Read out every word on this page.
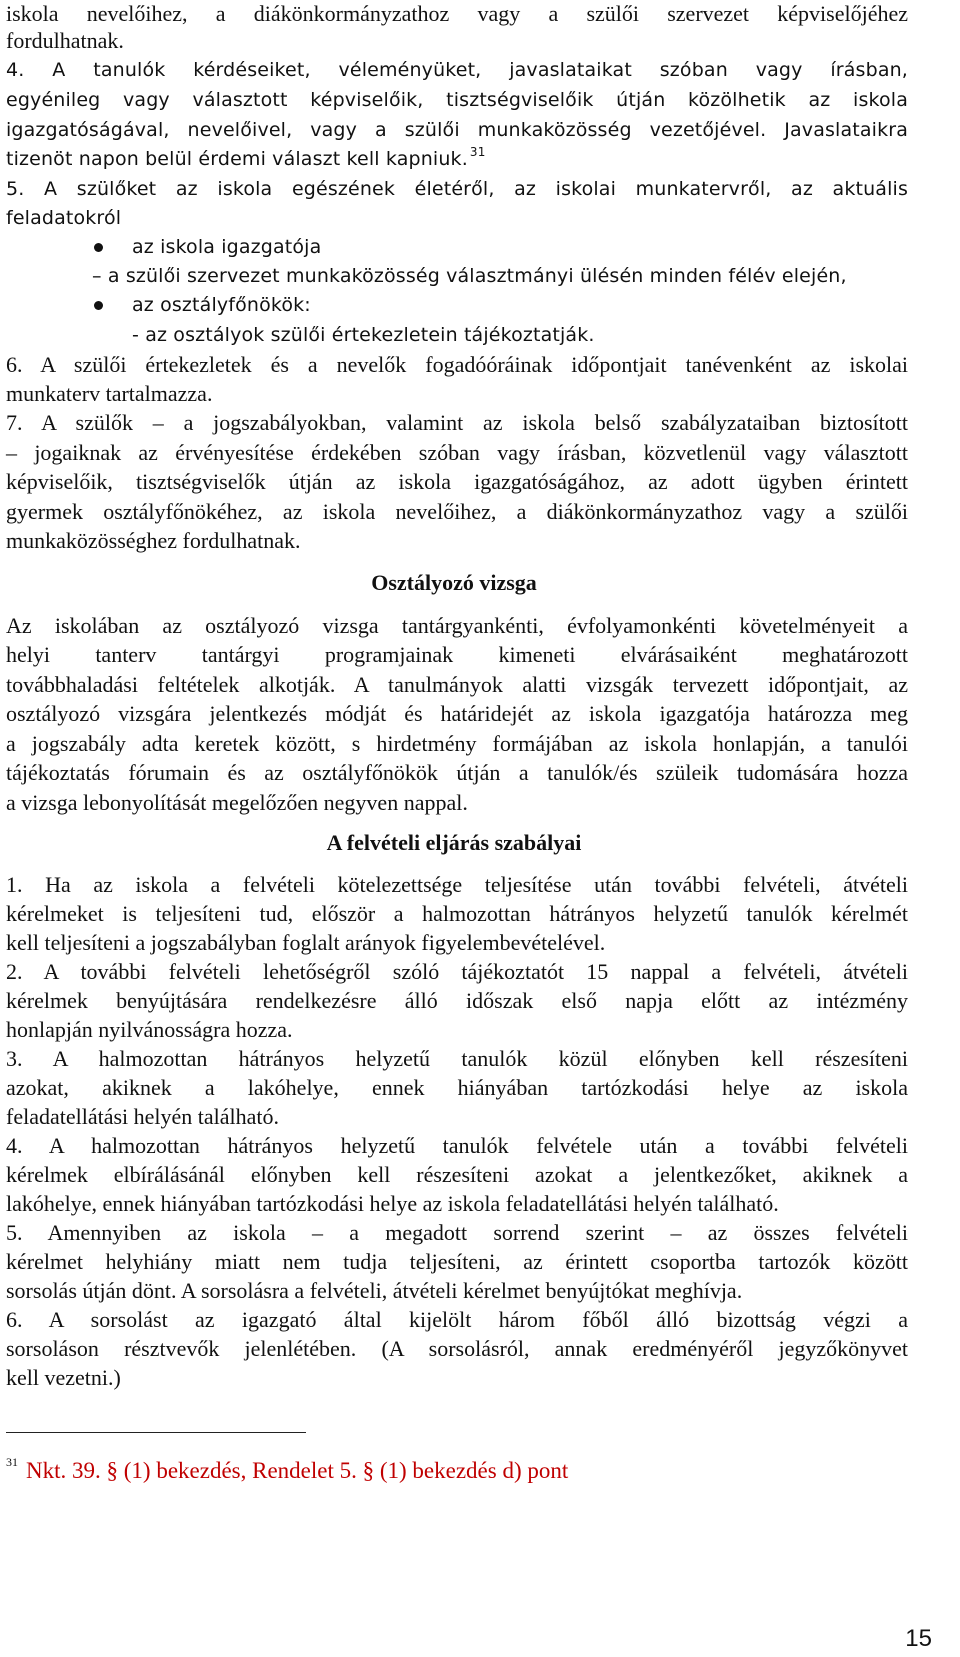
iskola nevelőihez, a diákönkormányzathoz vagy a szülői szervezet képviselőjéhez
fordulhatnak.
4. A tanulók kérdéseiket, véleményüket, javaslataikat szóban vagy írásban,
egyénileg vagy választott képviselőik, tisztségviselőik útján közölhetik az iskola
igazgatóságával, nevelőivel, vagy a szülői munkaközösség vezetőjével. Javaslataikra
tizenöt napon belül érdemi választ kell kapniuk. $^{31}$
5. A szülőket az iskola egészének életéről, az iskolai munkatervről, az aktuális
feladatokról
az iskola igazgatója
– a szülői szervezet munkaközösség választmányi ülésén minden félév elején,
az osztályfőnökök:
- az osztályok szülői értekezletein tájékoztatják.
6. A szülői értekezletek és a nevelők fogadóóráinak időpontjait tanévenként az iskolai
munkaterv tartalmazza.
7. A szülők – a jogszabályokban, valamint az iskola belső szabályzataiban biztosított
– jogaiknak az érvényesítése érdekében szóban vagy írásban, közvetlenül vagy választott
képviselőik, tisztségviselők útján az iskola igazgatóságához, az adott ügyben érintett
gyermek osztályfőnökéhez, az iskola nevelőihez, a diákönkormányzathoz vagy a szülői
munkaközösséghez fordulhatnak.
Osztályozó vizsga
Az iskolában az osztályozó vizsga tantárgyankénti, évfolyamonkénti követelményeit a
helyi tanterv tantárgyi programjainak kimeneti elvárásaiként meghatározott
továbbhaladási feltételek alkotják. A tanulmányok alatti vizsgák tervezett időpontjait, az
osztályozó vizsgára jelentkezés módját és határidejét az iskola igazgatója határozza meg
a jogszabály adta keretek között, s hirdetmény formájában az iskola honlapján, a tanulói
tájékoztatás fórumain és az osztályfőnökök útján a tanulók/és szüleik tudomására hozza
a vizsga lebonyolítását megelőzően negyven nappal.
A felvételi eljárás szabályai
1. Ha az iskola a felvételi kötelezettsége teljesítése után további felvételi, átvételi
kérelmeket is teljesíteni tud, először a halmozottan hátrányos helyzetű tanulók kérelmét
kell teljesíteni a jogszabályban foglalt arányok figyelembevételével.
2. A további felvételi lehetőségről szóló tájékoztatót 15 nappal a felvételi, átvételi
kérelmek benyújtására rendelkezésre álló időszak első napja előtt az intézmény
honlapján nyilvánosságra hozza.
3. A halmozottan hátrányos helyzetű tanulók közül előnyben kell részesíteni
azokat, akiknek a lakóhelye, ennek hiányában tartózkodási helye az iskola
feladatellátási helyén található.
4. A halmozottan hátrányos helyzetű tanulók felvétele után a további felvételi
kérelmek elbírálásánál előnyben kell részesíteni azokat a jelentkezőket, akiknek a
lakóhelye, ennek hiányában tartózkodási helye az iskola feladatellátási helyén található.
5. Amennyiben az iskola – a megadott sorrend szerint – az összes felvételi
kérelmet helyhiány miatt nem tudja teljesíteni, az érintett csoportba tartozók között
sorsolás útján dönt. A sorsolásra a felvételi, átvételi kérelmet benyújtókat meghívja.
6. A sorsolást az igazgató által kijelölt három főből álló bizottság végzi a
sorsoláson résztvevők jelenlétében. (A sorsolásról, annak eredményéről jegyzőkönyvet
kell vezetni.)
$^{31}$ Nkt. 39. § (1) bekezdés, Rendelet 5. § (1) bekezdés d) pont
15
